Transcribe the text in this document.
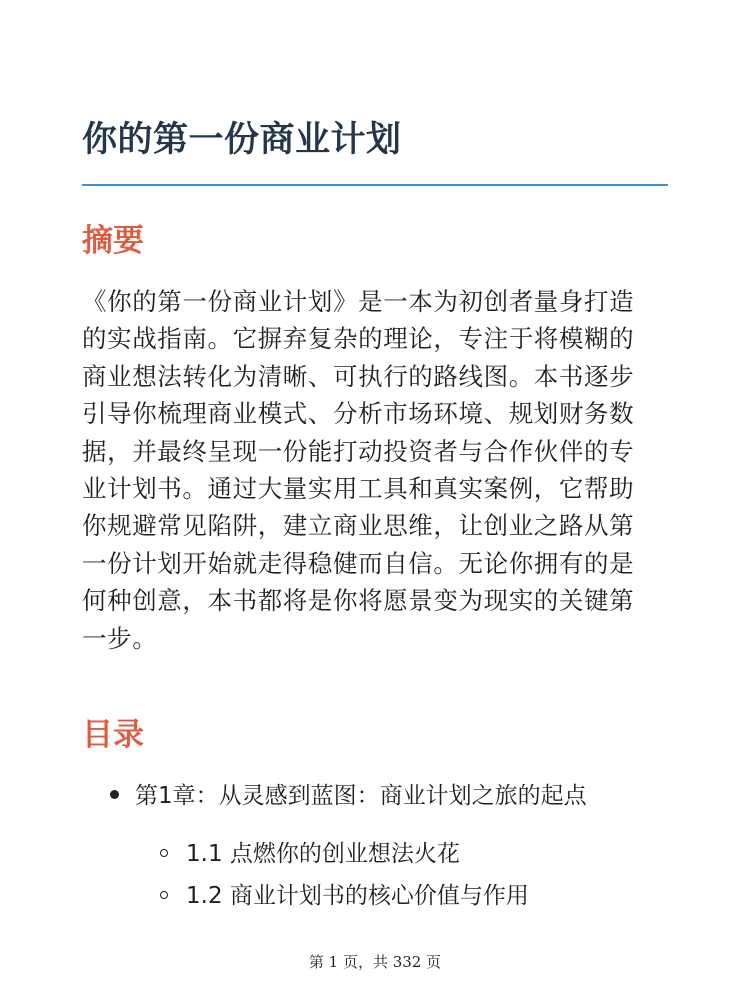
你的第一份商业计划
摘要

《你的第一份商业计划》是一本为初创者量身打造
的实战指南。它摒弃复杂的理论，专注于将模糊的
商业想法转化为清晰、可执行的路线图。本书逐步
引导你梳理商业模式、分析市场环境、规划财务数
据，并最终呈现一份能打动投资者与合作伙伴的专
业计划书。通过大量实用工具和真实案例，它帮助
你规避常见陷阱，建立商业思维，让创业之路从第
一份计划开始就走得稳健而自信。无论你拥有的是
何种创意，本书都将是你将愿景变为现实的关键第
一步。

目录
第1章：从灵感到蓝图：商业计划之旅的起点
1.1 点燃你的创业想法火花
1.2 商业计划书的核心价值与作用
第 1 页，共 332 页
